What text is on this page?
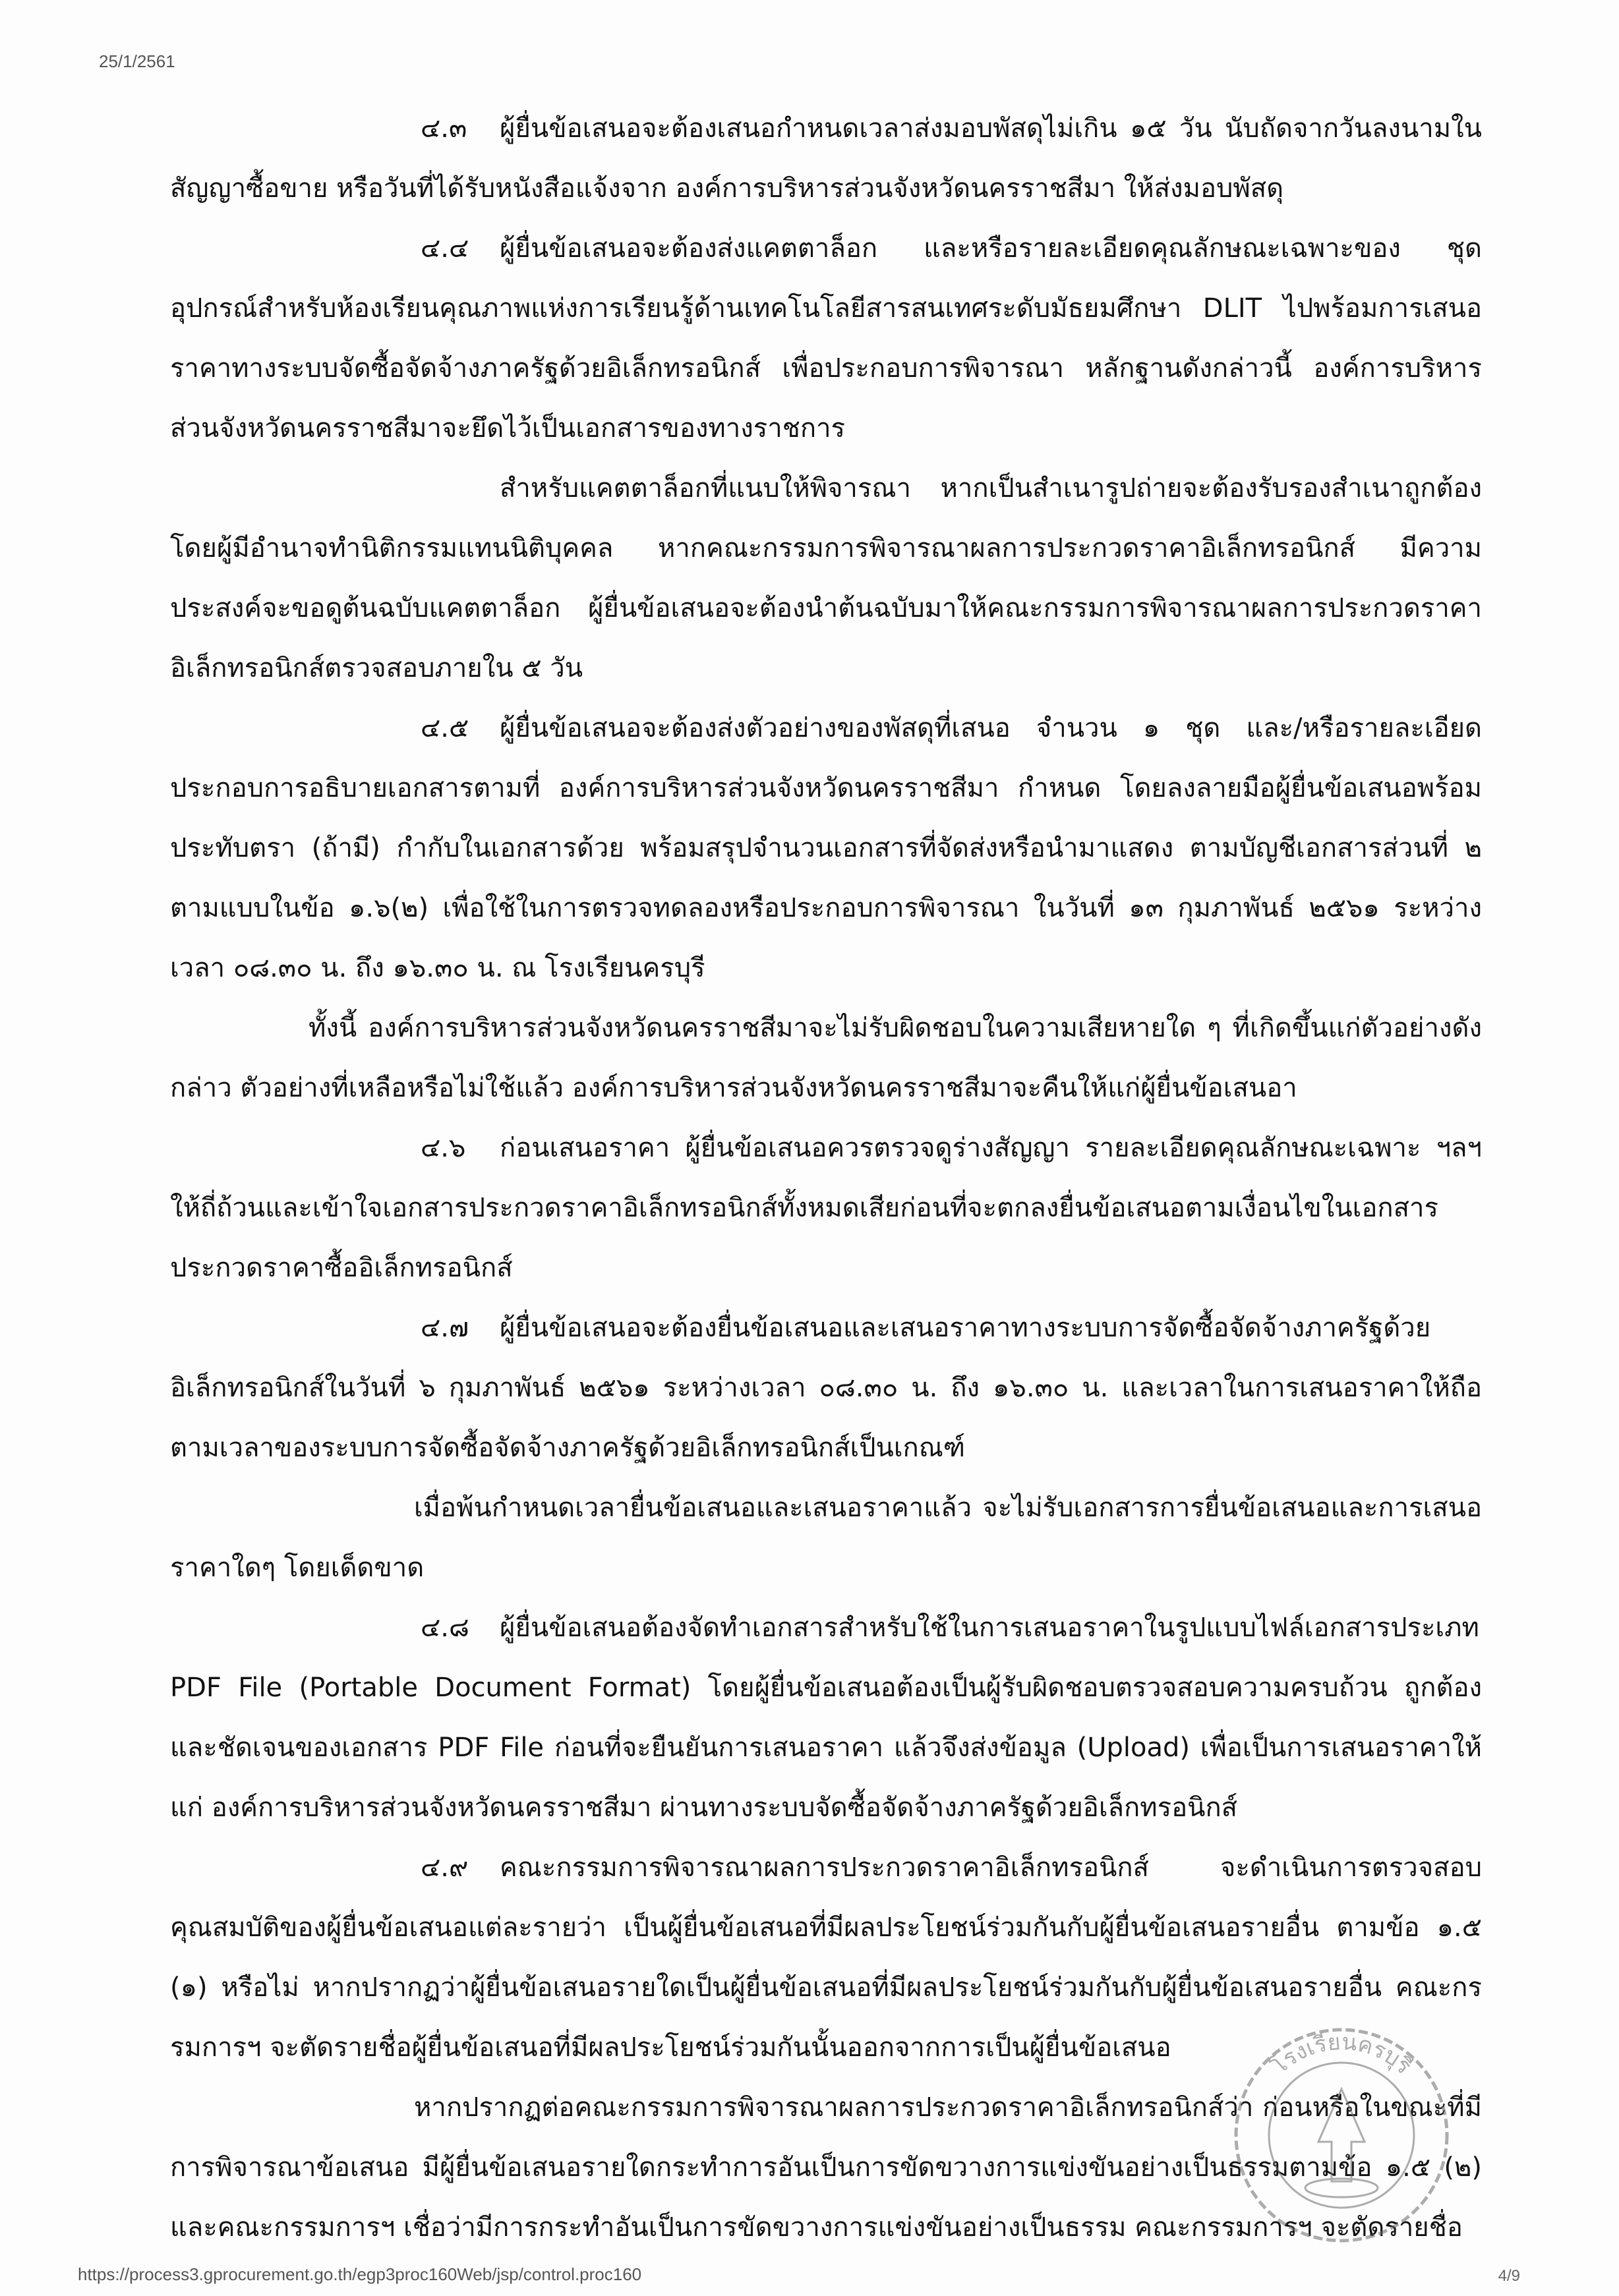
25/1/2561

๔.๓ ผู้ยื่นข้อเสนอจะต้องเสนอกำหนดเวลาส่งมอบพัสดุไม่เกิน ๑๕ วัน นับถัดจากวันลงนามในสัญญาซื้อขาย หรือวันที่ได้รับหนังสือแจ้งจาก องค์การบริหารส่วนจังหวัดนครราชสีมา ให้ส่งมอบพัสดุ

๔.๔ ผู้ยื่นข้อเสนอจะต้องส่งแคตตาล็อก และหรือรายละเอียดคุณลักษณะเฉพาะของ ชุดอุปกรณ์สำหรับห้องเรียนคุณภาพแห่งการเรียนรู้ด้านเทคโนโลยีสารสนเทศระดับมัธยมศึกษา DLIT ไปพร้อมการเสนอราคาทางระบบจัดซื้อจัดจ้างภาครัฐด้วยอิเล็กทรอนิกส์ เพื่อประกอบการพิจารณา หลักฐานดังกล่าวนี้ องค์การบริหารส่วนจังหวัดนครราชสีมาจะยึดไว้เป็นเอกสารของทางราชการ

สำหรับแคตตาล็อกที่แนบให้พิจารณา หากเป็นสำเนารูปถ่ายจะต้องรับรองสำเนาถูกต้องโดยผู้มีอำนาจทำนิติกรรมแทนนิติบุคคล หากคณะกรรมการพิจารณาผลการประกวดราคาอิเล็กทรอนิกส์ มีความประสงค์จะขอดูต้นฉบับแคตตาล็อก ผู้ยื่นข้อเสนอจะต้องนำต้นฉบับมาให้คณะกรรมการพิจารณาผลการประกวดราคาอิเล็กทรอนิกส์ตรวจสอบภายใน ๕ วัน

๔.๕ ผู้ยื่นข้อเสนอจะต้องส่งตัวอย่างของพัสดุที่เสนอ จำนวน ๑ ชุด และ/หรือรายละเอียดประกอบการอธิบายเอกสารตามที่ องค์การบริหารส่วนจังหวัดนครราชสีมา กำหนด โดยลงลายมือผู้ยื่นข้อเสนอพร้อมประทับตรา (ถ้ามี) กำกับในเอกสารด้วย พร้อมสรุปจำนวนเอกสารที่จัดส่งหรือนำมาแสดง ตามบัญชีเอกสารส่วนที่ ๒ ตามแบบในข้อ ๑.๖(๒) เพื่อใช้ในการตรวจทดลองหรือประกอบการพิจารณา ในวันที่ ๑๓ กุมภาพันธ์ ๒๕๖๑ ระหว่างเวลา ๐๘.๓๐ น. ถึง ๑๖.๓๐ น. ณ โรงเรียนครบุรี

ทั้งนี้ องค์การบริหารส่วนจังหวัดนครราชสีมาจะไม่รับผิดชอบในความเสียหายใด ๆ ที่เกิดขึ้นแก่ตัวอย่างดังกล่าว ตัวอย่างที่เหลือหรือไม่ใช้แล้ว องค์การบริหารส่วนจังหวัดนครราชสีมาจะคืนให้แก่ผู้ยื่นข้อเสนอา

๔.๖ ก่อนเสนอราคา ผู้ยื่นข้อเสนอควรตรวจดูร่างสัญญา รายละเอียดคุณลักษณะเฉพาะ ฯลฯ ให้ถี่ถ้วนและเข้าใจเอกสารประกวดราคาอิเล็กทรอนิกส์ทั้งหมดเสียก่อนที่จะตกลงยื่นข้อเสนอตามเงื่อนไขในเอกสารประกวดราคาซื้ออิเล็กทรอนิกส์

๔.๗ ผู้ยื่นข้อเสนอจะต้องยื่นข้อเสนอและเสนอราคาทางระบบการจัดซื้อจัดจ้างภาครัฐด้วยอิเล็กทรอนิกส์ในวันที่ ๖ กุมภาพันธ์ ๒๕๖๑ ระหว่างเวลา ๐๘.๓๐ น. ถึง ๑๖.๓๐ น. และเวลาในการเสนอราคาให้ถือตามเวลาของระบบการจัดซื้อจัดจ้างภาครัฐด้วยอิเล็กทรอนิกส์เป็นเกณฑ์

เมื่อพ้นกำหนดเวลายื่นข้อเสนอและเสนอราคาแล้ว จะไม่รับเอกสารการยื่นข้อเสนอและการเสนอราคาใดๆ โดยเด็ดขาด

๔.๘ ผู้ยื่นข้อเสนอต้องจัดทำเอกสารสำหรับใช้ในการเสนอราคาในรูปแบบไฟล์เอกสารประเภท PDF File (Portable Document Format) โดยผู้ยื่นข้อเสนอต้องเป็นผู้รับผิดชอบตรวจสอบความครบถ้วน ถูกต้อง และชัดเจนของเอกสาร PDF File ก่อนที่จะยืนยันการเสนอราคา แล้วจึงส่งข้อมูล (Upload) เพื่อเป็นการเสนอราคาให้แก่ องค์การบริหารส่วนจังหวัดนครราชสีมา ผ่านทางระบบจัดซื้อจัดจ้างภาครัฐด้วยอิเล็กทรอนิกส์

๔.๙ คณะกรรมการพิจารณาผลการประกวดราคาอิเล็กทรอนิกส์ จะดำเนินการตรวจสอบคุณสมบัติของผู้ยื่นข้อเสนอแต่ละรายว่า เป็นผู้ยื่นข้อเสนอที่มีผลประโยชน์ร่วมกันกับผู้ยื่นข้อเสนอรายอื่น ตามข้อ ๑.๕ (๑) หรือไม่ หากปรากฏว่าผู้ยื่นข้อเสนอรายใดเป็นผู้ยื่นข้อเสนอที่มีผลประโยชน์ร่วมกันกับผู้ยื่นข้อเสนอรายอื่น คณะกรรมการฯ จะตัดรายชื่อผู้ยื่นข้อเสนอที่มีผลประโยชน์ร่วมกันนั้นออกจากการเป็นผู้ยื่นข้อเสนอ

หากปรากฏต่อคณะกรรมการพิจารณาผลการประกวดราคาอิเล็กทรอนิกส์ว่า ก่อนหรือในขณะที่มีการพิจารณาข้อเสนอ มีผู้ยื่นข้อเสนอรายใดกระทำการอันเป็นการขัดขวางการแข่งขันอย่างเป็นธรรมตามข้อ ๑.๕ (๒) และคณะกรรมการฯ เชื่อว่ามีการกระทำอันเป็นการขัดขวางการแข่งขันอย่างเป็นธรรม คณะกรรมการฯ จะตัดรายชื่อ

โรงเรียนครบุรี
https://process3.gprocurement.go.th/egp3proc160Web/jsp/control.proc160	4/9
